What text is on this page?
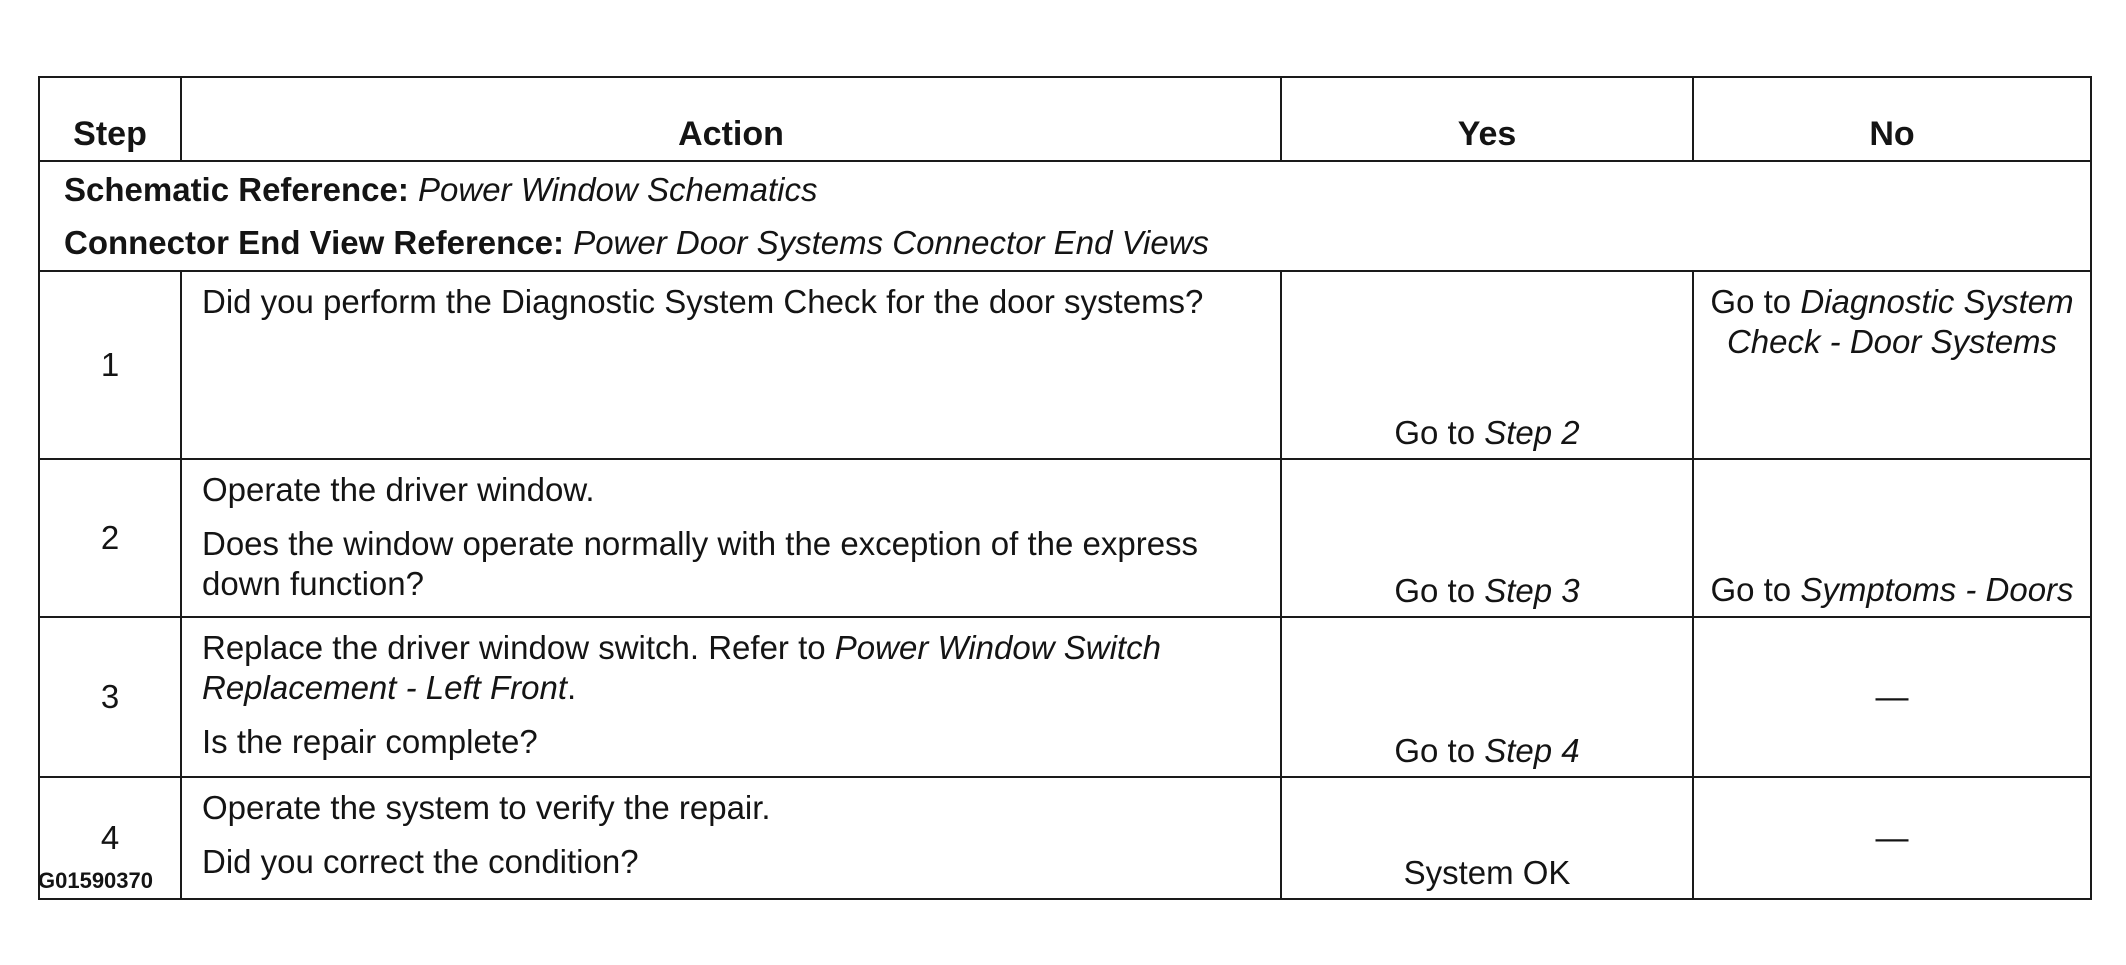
Step	Action	Yes	No

Schematic Reference: Power Window Schematics
Connector End View Reference: Power Door Systems Connector End Views			

1	Did you perform the Diagnostic System Check for the door systems?	Go to Step 2	Go to Diagnostic System Check - Door Systems
2	Operate the driver window.
Does the window operate normally with the exception of the express down function?	Go to Step 3	Go to Symptoms - Doors
3	Replace the driver window switch. Refer to Power Window Switch Replacement - Left Front.
Is the repair complete?	Go to Step 4	—
4	Operate the system to verify the repair.
Did you correct the condition?	System OK	—
G01590370
